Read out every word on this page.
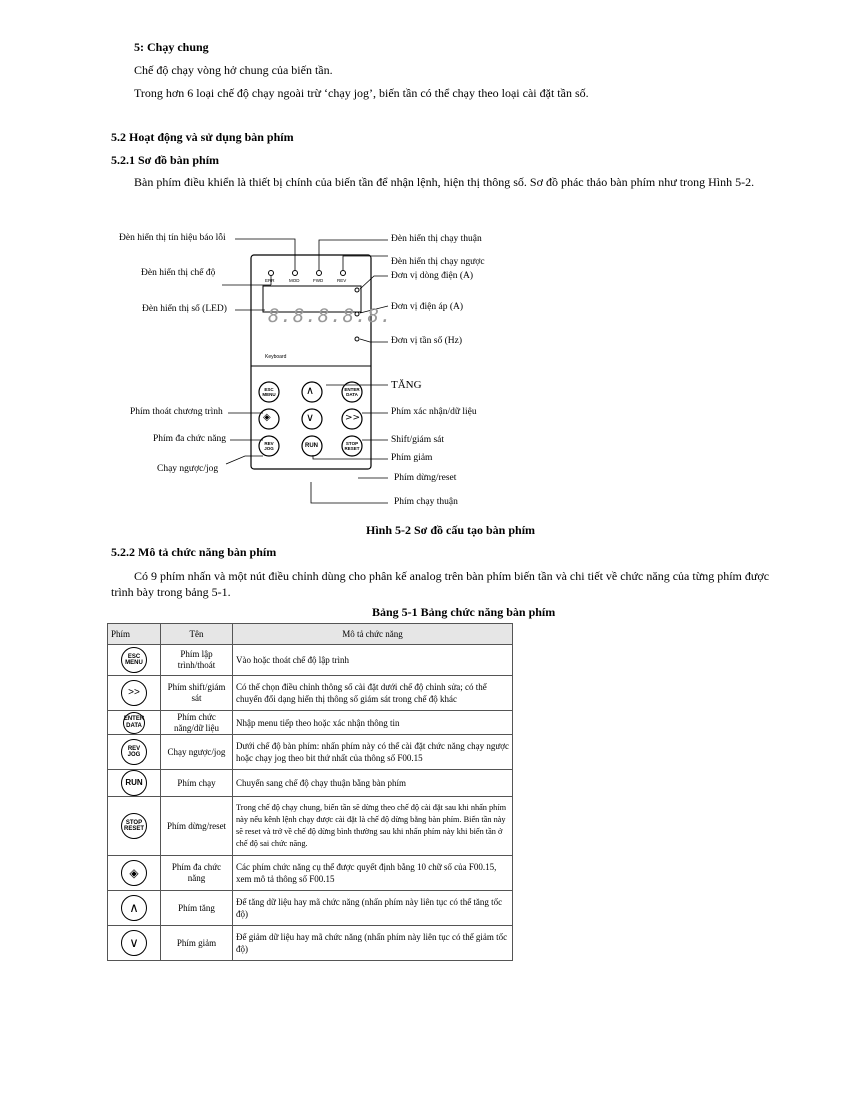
5: Chạy chung
Chế độ chạy vòng hở chung của biến tần.
Trong hơn 6 loại chế độ chạy ngoài trừ ‘chạy jog’, biến tần có thể chạy theo loại cài đặt tần số.
5.2 Hoạt động và sử dụng bàn phím
5.2.1 Sơ đồ bàn phím
Bàn phím điều khiển là thiết bị chính của biến tần để nhận lệnh, hiện thị thông số. Sơ đồ phác thảo bàn phím như trong Hình 5-2.
ERR	MOD	FWD	REV
8.8.8.8.8.
Keyboard
ESC MENU	∧	ENTER DATA
◈	∨	>>
REV JOG	RUN	STOP RESET
Đèn hiển thị tín hiệu báo lỗi
Đèn hiển thị chế độ
Đèn hiển thị số (LED)
Phím thoát chương trình
Phím đa chức năng
Chạy ngược/jog
Đèn hiển thị chạy thuận
Đèn hiển thị chạy ngược
Đơn vị dòng điện (A)
Đơn vị điện áp (A)
Đơn vị tần số (Hz)
TĂNG
Phím xác nhận/dữ liệu
Shift/giám sát
Phím giảm
Phím dừng/reset
Phím chạy thuận
Hình 5-2 Sơ đồ cấu tạo bàn phím
5.2.2 Mô tả chức năng bàn phím
Có 9 phím nhấn và một nút điều chỉnh dùng cho phân kế analog trên bàn phím biến tần và chi tiết về chức năng của từng phím được
trình bày trong bảng 5-1.
Bảng 5-1 Bảng chức năng bàn phím
Phím	Tên	Mô tả chức năng
ESC MENU	Phím lập trình/thoát	Vào hoặc thoát chế độ lập trình
>>	Phím shift/giám sát	Có thể chọn điều chỉnh thông số cài đặt dưới chế độ chỉnh sửa; có thể chuyển đổi dạng hiển thị thông số giám sát trong chế độ khác
ENTER DATA	Phím chức năng/dữ liệu	Nhập menu tiếp theo hoặc xác nhận thông tin
REV JOG	Chạy ngược/jog	Dưới chế độ bàn phím: nhấn phím này có thể cài đặt chức năng chạy ngược hoặc chạy jog theo bit thứ nhất của thông số F00.15
RUN	Phím chạy	Chuyển sang chế độ chạy thuận bằng bàn phím
STOP RESET	Phím dừng/reset	Trong chế độ chạy chung, biến tần sẽ dừng theo chế độ cài đặt sau khi nhấn phím này nếu kênh lệnh chạy được cài đặt là chế độ dừng bằng bàn phím. Biến tần này sẽ reset và trở về chế độ dừng bình thường sau khi nhấn phím này khi biến tần ở chế độ sai chức năng.
◈	Phím đa chức năng	Các phím chức năng cụ thể được quyết định bằng 10 chữ số của F00.15, xem mô tả thông số F00.15
∧	Phím tăng	Để tăng dữ liệu hay mã chức năng (nhấn phím này liên tục có thể tăng tốc độ)
∨	Phím giảm	Để giảm dữ liệu hay mã chức năng (nhấn phím này liên tục có thể giảm tốc độ)
